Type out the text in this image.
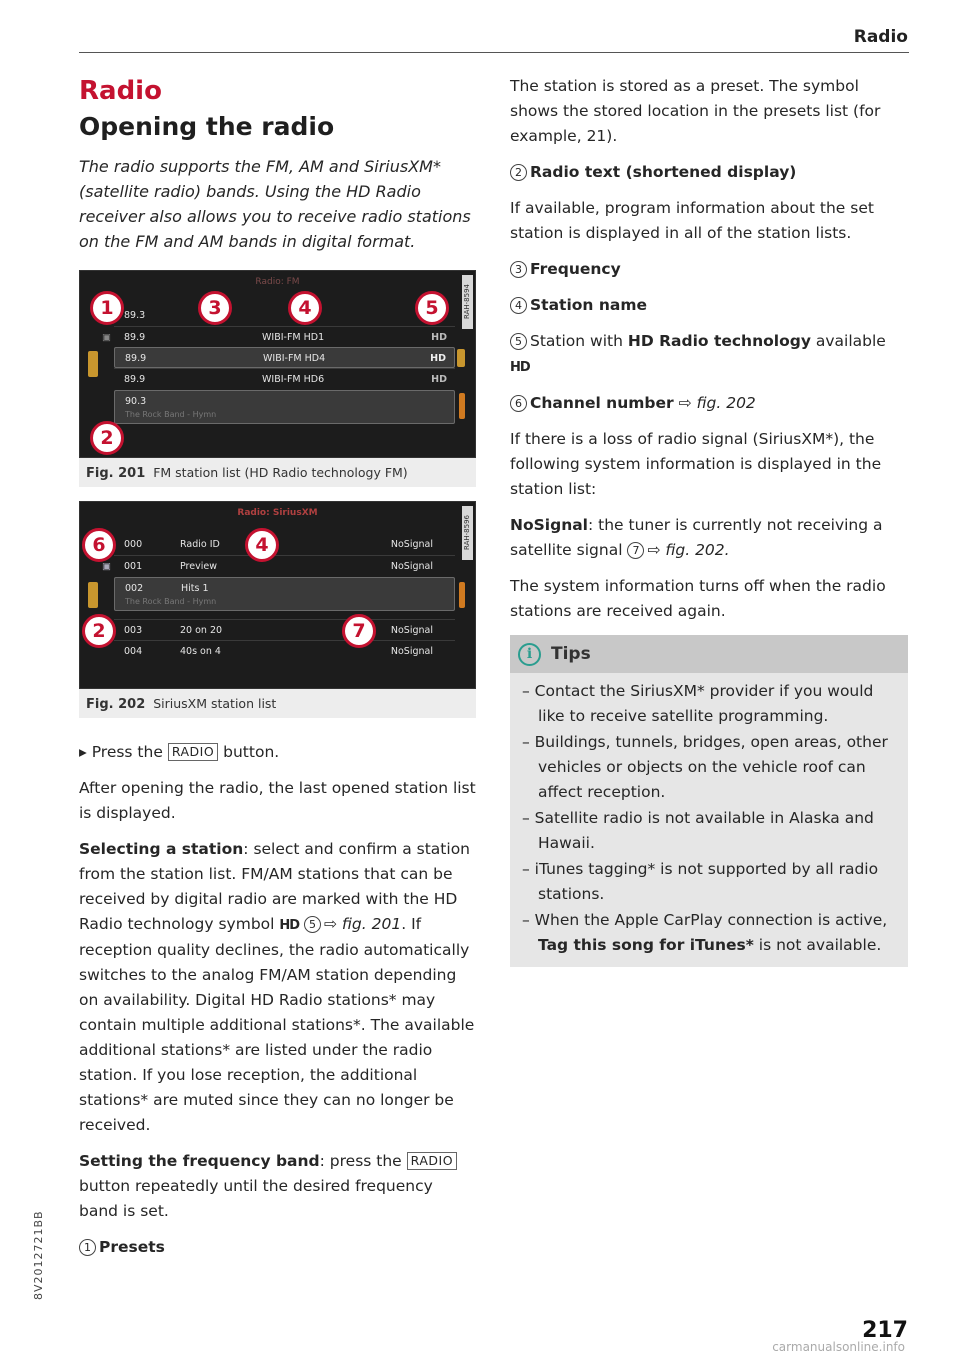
Radio
Radio
Opening the radio
The radio supports the FM, AM and SiriusXM* (satellite radio) bands. Using the HD Radio receiver also allows you to receive radio stations on the FM and AM bands in digital format.
Radio: FM
RAH-8594
89.3
▣ 89.9	WIBI-FM HD1	HD
89.9	WIBI-FM HD4	HD
89.9	WIBI-FM HD6	HD
90.3
The Rock Band - Hymn
1
2
3	4	5
Fig. 201 FM station list (HD Radio technology FM)
Radio: SiriusXM
RAH-8596
000	Radio ID	NoSignal
▣ 001	Preview	NoSignal
002	Hits 1
The Rock Band - Hymn
003	20 on 20	NoSignal
004	40s on 4	NoSignal
6	4
2	7
Fig. 202 SiriusXM station list

▸ Press the RADIO button.

After opening the radio, the last opened station list is displayed.

Selecting a station: select and confirm a station from the station list. FM/AM stations that can be received by digital radio are marked with the HD Radio technology symbol HD 5 ⇨ fig. 201. If reception quality declines, the radio automatically switches to the analog FM/AM station depending on availability. Digital HD Radio stations* may contain multiple additional stations*. The available additional stations* are listed under the radio station. If you lose reception, the additional stations* are muted since they can no longer be received.

Setting the frequency band: press the RADIO button repeatedly until the desired frequency band is set.

1 Presets

The station is stored as a preset. The symbol shows the stored location in the presets list (for example, 21).

2 Radio text (shortened display)

If available, program information about the set station is displayed in all of the station lists.

3 Frequency

4 Station name

5 Station with HD Radio technology available
HD

6 Channel number ⇨ fig. 202

If there is a loss of radio signal (SiriusXM*), the following system information is displayed in the station list:

NoSignal: the tuner is currently not receiving a satellite signal 7 ⇨ fig. 202.

The system information turns off when the radio stations are received again.

i	Tips
– Contact the SiriusXM* provider if you would like to receive satellite programming.
– Buildings, tunnels, bridges, open areas, other vehicles or objects on the vehicle roof can affect reception.
– Satellite radio is not available in Alaska and Hawaii.
– iTunes tagging* is not supported by all radio stations.
– When the Apple CarPlay connection is active, Tag this song for iTunes* is not available.
8V2012721BB
217
carmanualsonline.info
